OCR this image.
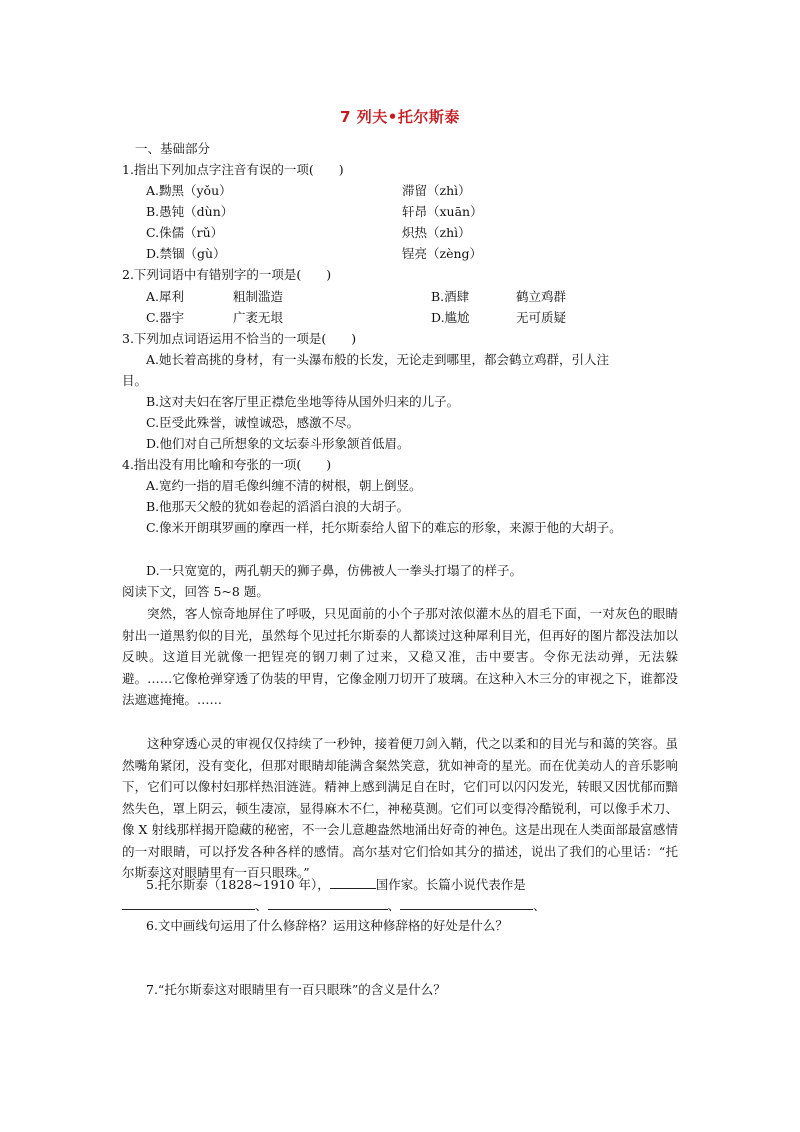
7 列夫•托尔斯泰
一、基础部分
1.指出下列加点字注音有误的一项(　　)
A.黝黑（yǒu）	滞留（zhì）
B.愚钝（dùn）	轩昂（xuān）
C.侏儒（rǔ）	炽热（zhì）
D.禁锢（gù）	锃亮（zèng）
2.下列词语中有错别字的一项是(　　)
A.犀利	粗制滥造	B.酒肆	鹤立鸡群
C.器宇	广袤无垠	D.尴尬	无可质疑
3.下列加点词语运用不恰当的一项是(　　)
A.她长着高挑的身材，有一头瀑布般的长发，无论走到哪里，都会鹤立鸡群，引人注
目。
B.这对夫妇在客厅里正襟危坐地等待从国外归来的儿子。
C.臣受此殊誉，诚惶诚恐，感激不尽。
D.他们对自己所想象的文坛泰斗形象颔首低眉。
4.指出没有用比喻和夸张的一项(　　)
A.宽约一指的眉毛像纠缠不清的树根，朝上倒竖。
B.他那天父般的犹如卷起的滔滔白浪的大胡子。
C.像米开朗琪罗画的摩西一样，托尔斯泰给人留下的难忘的形象，来源于他的大胡子。
D.一只宽宽的，两孔朝天的狮子鼻，仿佛被人一拳头打塌了的样子。
阅读下文，回答 5~8 题。
突然，客人惊奇地屏住了呼吸，只见面前的小个子那对浓似灌木丛的眉毛下面，一对灰色的眼睛射出一道黑豹似的目光，虽然每个见过托尔斯泰的人都谈过这种犀利目光，但再好的图片都没法加以反映。这道目光就像一把锃亮的钢刀刺了过来，又稳又准，击中要害。令你无法动弹，无法躲避。……它像枪弹穿透了伪装的甲胄，它像金刚刀切开了玻璃。在这种入木三分的审视之下，谁都没法遮遮掩掩。……
这种穿透心灵的审视仅仅持续了一秒钟，接着便刀剑入鞘，代之以柔和的目光与和蔼的笑容。虽然嘴角紧闭，没有变化，但那对眼睛却能满含粲然笑意，犹如神奇的星光。而在优美动人的音乐影响下，它们可以像村妇那样热泪涟涟。精神上感到满足自在时，它们可以闪闪发光，转眼又因忧郁而黯然失色，罩上阴云，顿生凄凉，显得麻木不仁，神秘莫测。它们可以变得冷酷锐利，可以像手术刀、像 X 射线那样揭开隐藏的秘密，不一会儿意趣盎然地涌出好奇的神色。这是出现在人类面部最富感情的一对眼睛，可以抒发各种各样的感情。高尔基对它们恰如其分的描述，说出了我们的心里话：“托尔斯泰这对眼睛里有一百只眼珠。”
5.托尔斯泰（1828~1910 年），	国作家。长篇小说代表作是
、	、	、
6.文中画线句运用了什么修辞格？运用这种修辞格的好处是什么？
7.“托尔斯泰这对眼睛里有一百只眼珠”的含义是什么？
